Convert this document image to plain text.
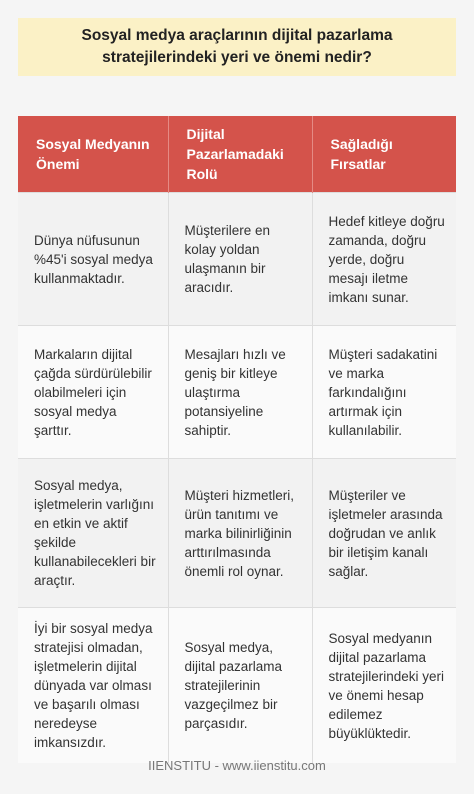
Sosyal medya araçlarının dijital pazarlama stratejilerindeki yeri ve önemi nedir?
Sosyal Medyanın Önemi	Dijital Pazarlamadaki Rolü	Sağladığı Fırsatlar
Dünya nüfusunun %45'i sosyal medya kullanmaktadır.	Müşterilere en kolay yoldan ulaşmanın bir aracıdır.	Hedef kitleye doğru zamanda, doğru yerde, doğru mesajı iletme imkanı sunar.
Markaların dijital çağda sürdürülebilir olabilmeleri için sosyal medya şarttır.	Mesajları hızlı ve geniş bir kitleye ulaştırma potansiyeline sahiptir.	Müşteri sadakatini ve marka farkındalığını artırmak için kullanılabilir.
Sosyal medya, işletmelerin varlığını en etkin ve aktif şekilde kullanabilecekleri bir araçtır.	Müşteri hizmetleri, ürün tanıtımı ve marka bilinirliğinin arttırılmasında önemli rol oynar.	Müşteriler ve işletmeler arasında doğrudan ve anlık bir iletişim kanalı sağlar.
İyi bir sosyal medya stratejisi olmadan, işletmelerin dijital dünyada var olması ve başarılı olması neredeyse imkansızdır.	Sosyal medya, dijital pazarlama stratejilerinin vazgeçilmez bir parçasıdır.	Sosyal medyanın dijital pazarlama stratejilerindeki yeri ve önemi hesap edilemez büyüklüktedir.
IIENSTITU - www.iienstitu.com
